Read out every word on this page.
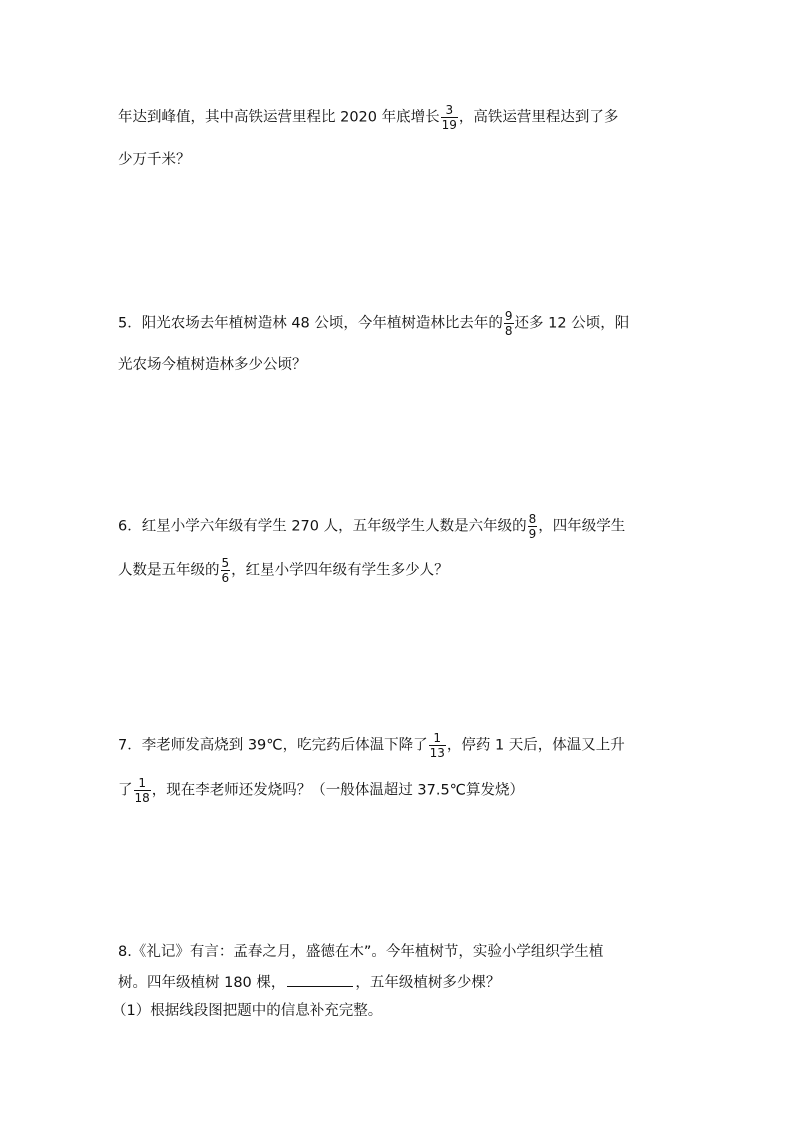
年达到峰值，其中高铁运营里程比 2020 年底增长 $\frac{3}{19}$ ，高铁运营里程达到了多
少万千米？
5．阳光农场去年植树造林 48 公顷，今年植树造林比去年的 $\frac{9}{8}$ 还多 12 公顷，阳
光农场今植树造林多少公顷？
6．红星小学六年级有学生 270 人，五年级学生人数是六年级的 $\frac{8}{9}$ ，四年级学生
人数是五年级的 $\frac{5}{6}$ ，红星小学四年级有学生多少人？
7．李老师发高烧到 39℃，吃完药后体温下降了 $\frac{1}{13}$ ，停药 1 天后，体温又上升
了 $\frac{1}{18}$ ，现在李老师还发烧吗？（一般体温超过 37.5℃算发烧）
8.《礼记》有言：孟春之月，盛德在木”。今年植树节，实验小学组织学生植
树。四年级植树 180 棵，	，五年级植树多少棵？
（1）根据线段图把题中的信息补充完整。
